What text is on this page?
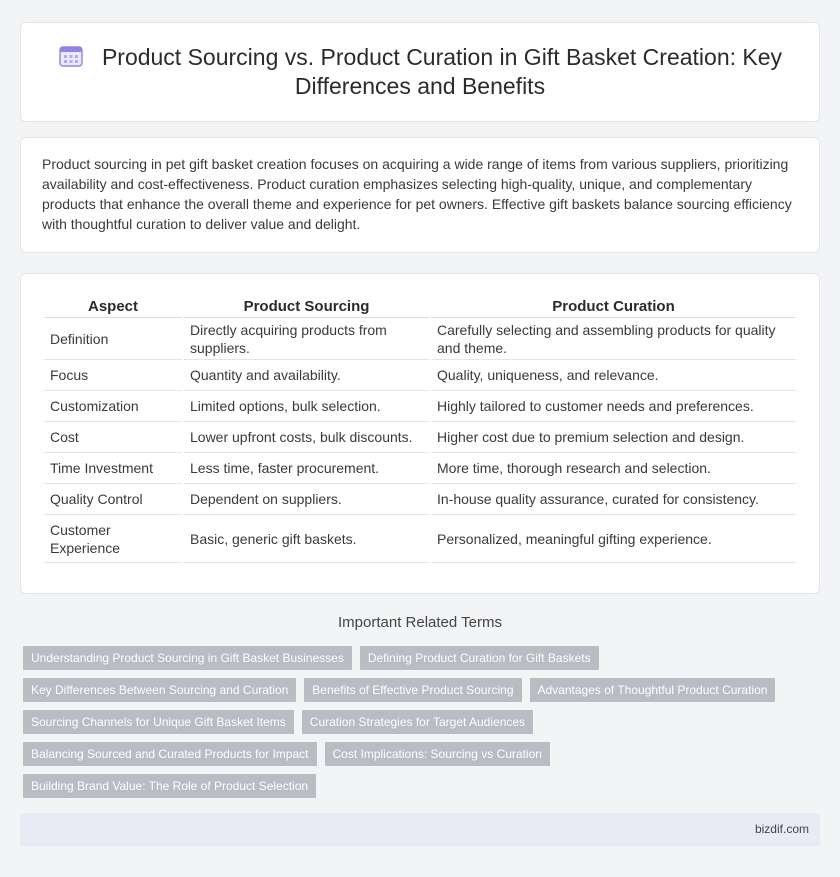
Product Sourcing vs. Product Curation in Gift Basket Creation: Key Differences and Benefits

Product sourcing in pet gift basket creation focuses on acquiring a wide range of items from various suppliers, prioritizing availability and cost-effectiveness. Product curation emphasizes selecting high-quality, unique, and complementary products that enhance the overall theme and experience for pet owners. Effective gift baskets balance sourcing efficiency with thoughtful curation to deliver value and delight.

Aspect	Product Sourcing	Product Curation
Definition	Directly acquiring products from suppliers.	Carefully selecting and assembling products for quality and theme.
Focus	Quantity and availability.	Quality, uniqueness, and relevance.
Customization	Limited options, bulk selection.	Highly tailored to customer needs and preferences.
Cost	Lower upfront costs, bulk discounts.	Higher cost due to premium selection and design.
Time Investment	Less time, faster procurement.	More time, thorough research and selection.
Quality Control	Dependent on suppliers.	In-house quality assurance, curated for consistency.
Customer Experience	Basic, generic gift baskets.	Personalized, meaningful gifting experience.
Important Related Terms
Understanding Product Sourcing in Gift Basket Businesses	Defining Product Curation for Gift Baskets
Key Differences Between Sourcing and Curation	Benefits of Effective Product Sourcing	Advantages of Thoughtful Product Curation
Sourcing Channels for Unique Gift Basket Items	Curation Strategies for Target Audiences
Balancing Sourced and Curated Products for Impact	Cost Implications: Sourcing vs Curation
Building Brand Value: The Role of Product Selection
bizdif.com
